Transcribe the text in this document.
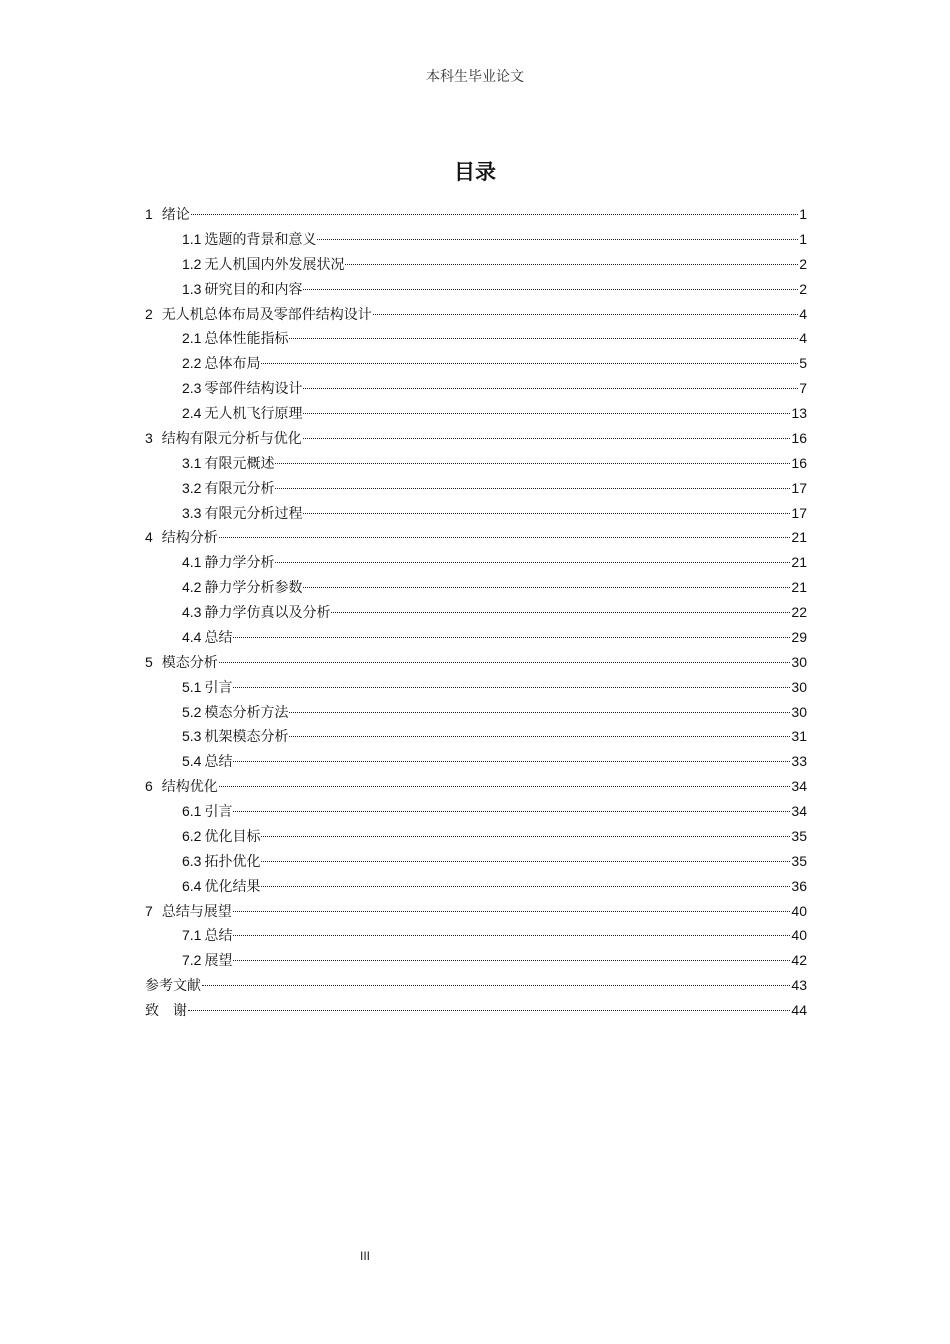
本科生毕业论文
目录
1 绪论	1
1.1 选题的背景和意义	1
1.2 无人机国内外发展状况	2
1.3 研究目的和内容	2
2 无人机总体布局及零部件结构设计	4
2.1 总体性能指标	4
2.2 总体布局	5
2.3 零部件结构设计	7
2.4 无人机飞行原理	13
3 结构有限元分析与优化	16
3.1 有限元概述	16
3.2 有限元分析	17
3.3 有限元分析过程	17
4 结构分析	21
4.1 静力学分析	21
4.2 静力学分析参数	21
4.3 静力学仿真以及分析	22
4.4 总结	29
5 模态分析	30
5.1 引言	30
5.2 模态分析方法	30
5.3 机架模态分析	31
5.4 总结	33
6 结构优化	34
6.1 引言	34
6.2 优化目标	35
6.3 拓扑优化	35
6.4 优化结果	36
7 总结与展望	40
7.1 总结	40
7.2 展望	42
参考文献	43
致　谢	44
III
